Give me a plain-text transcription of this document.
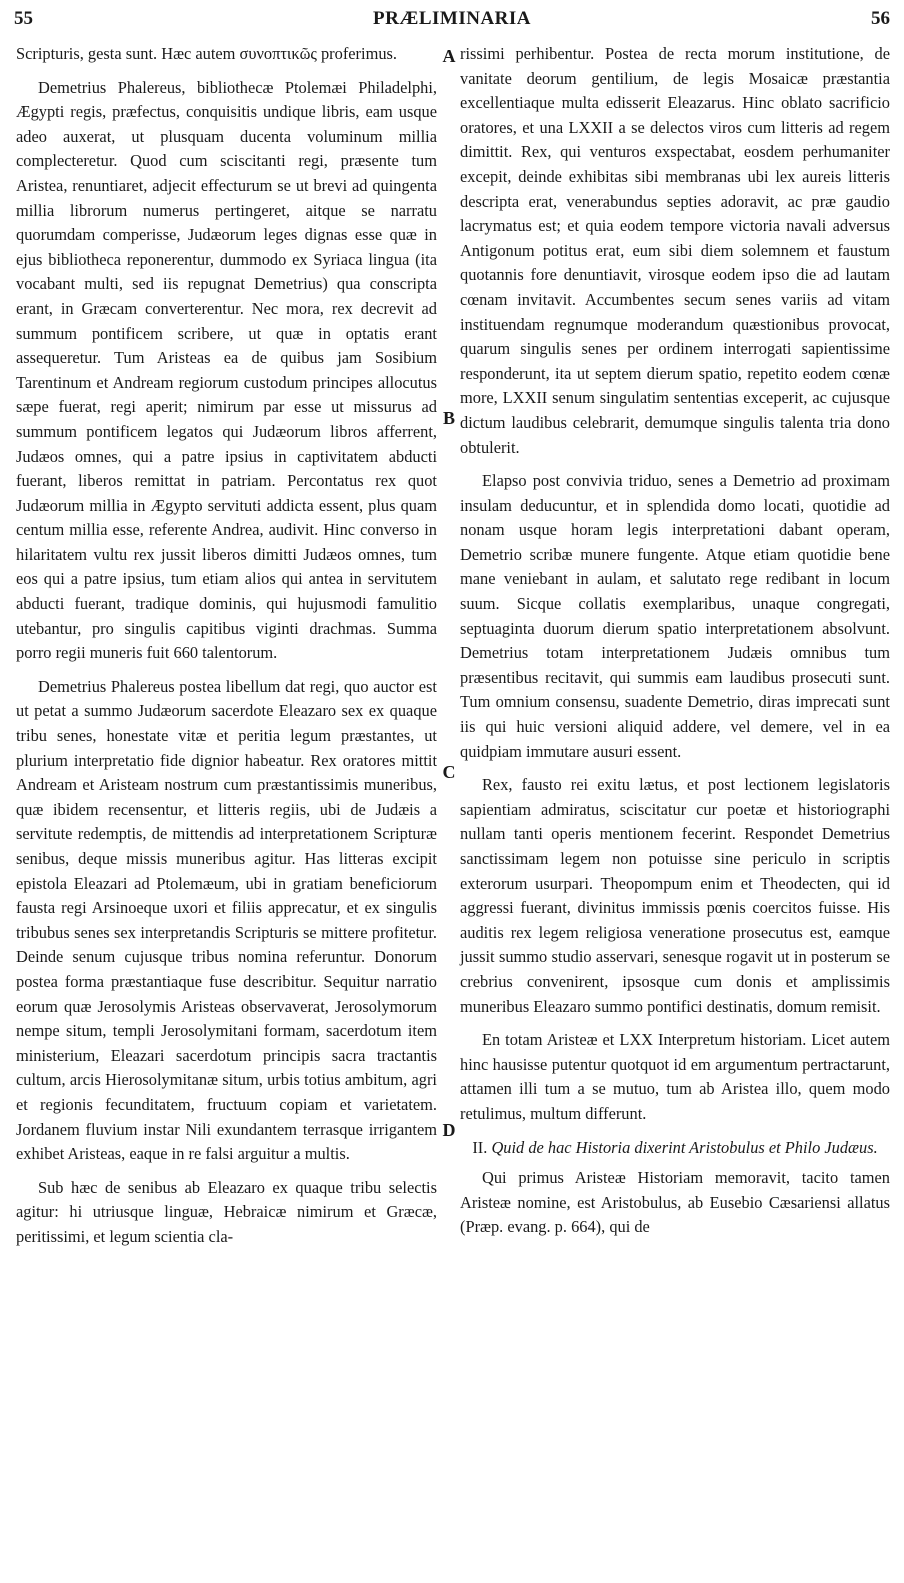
55	PRÆLIMINARIA	56

Scripturis, gesta sunt. Hæc autem συνοπτικῶς proferimus.

Demetrius Phalereus, bibliothecæ Ptolemæi Philadelphi, Ægypti regis, præfectus, conquisitis undique libris, eam usque adeo auxerat, ut plusquam ducenta voluminum millia complecteretur. Quod cum sciscitanti regi, præsente tum Aristea, renuntiaret, adjecit effecturum se ut brevi ad quingenta millia librorum numerus pertingeret, aitque se narratu quorumdam comperisse, Judæorum leges dignas esse quæ in ejus bibliotheca reponerentur, dummodo ex Syriaca lingua (ita vocabant multi, sed iis repugnat Demetrius) qua conscripta erant, in Græcam converterentur. Nec mora, rex decrevit ad summum pontificem scribere, ut quæ in optatis erant assequeretur. Tum Aristeas ea de quibus jam Sosibium Tarentinum et Andream regiorum custodum principes allocutus sæpe fuerat, regi aperit; nimirum par esse ut missurus ad summum pontificem legatos qui Judæorum libros afferrent, Judæos omnes, qui a patre ipsius in captivitatem abducti fuerant, liberos remittat in patriam. Percontatus rex quot Judæorum millia in Ægypto servituti addicta essent, plus quam centum millia esse, referente Andrea, audivit. Hinc converso in hilaritatem vultu rex jussit liberos dimitti Judæos omnes, tum eos qui a patre ipsius, tum etiam alios qui antea in servitutem abducti fuerant, tradique dominis, qui hujusmodi famulitio utebantur, pro singulis capitibus viginti drachmas. Summa porro regii muneris fuit 660 talentorum.

Demetrius Phalereus postea libellum dat regi, quo auctor est ut petat a summo Judæorum sacerdote Eleazaro sex ex quaque tribu senes, honestate vitæ et peritia legum præstantes, ut plurium interpretatio fide dignior habeatur. Rex oratores mittit Andream et Aristeam nostrum cum præstantissimis muneribus, quæ ibidem recensentur, et litteris regiis, ubi de Judæis a servitute redemptis, de mittendis ad interpretationem Scripturæ senibus, deque missis muneribus agitur. Has litteras excipit epistola Eleazari ad Ptolemæum, ubi in gratiam beneficiorum fausta regi Arsinoeque uxori et filiis apprecatur, et ex singulis tribubus senes sex interpretandis Scripturis se mittere profitetur. Deinde senum cujusque tribus nomina referuntur. Donorum postea forma præstantiaque fuse describitur. Sequitur narratio eorum quæ Jerosolymis Aristeas observaverat, Jerosolymorum nempe situm, templi Jerosolymitani formam, sacerdotum item ministerium, Eleazari sacerdotum principis sacra tractantis cultum, arcis Hierosolymitanæ situm, urbis totius ambitum, agri et regionis fecunditatem, fructuum copiam et varietatem. Jordanem fluvium instar Nili exundantem terrasque irrigantem exhibet Aristeas, eaque in re falsi arguitur a multis.

Sub hæc de senibus ab Eleazaro ex quaque tribu selectis agitur: hi utriusque linguæ, Hebraicæ nimirum et Græcæ, peritissimi, et legum scientia cla-

A
B
C
D

rissimi perhibentur. Postea de recta morum institutione, de vanitate deorum gentilium, de legis Mosaicæ præstantia excellentiaque multa edisserit Eleazarus. Hinc oblato sacrificio oratores, et una LXXII a se delectos viros cum litteris ad regem dimittit. Rex, qui venturos exspectabat, eosdem perhumaniter excepit, deinde exhibitas sibi membranas ubi lex aureis litteris descripta erat, venerabundus septies adoravit, ac præ gaudio lacrymatus est; et quia eodem tempore victoria navali adversus Antigonum potitus erat, eum sibi diem solemnem et faustum quotannis fore denuntiavit, virosque eodem ipso die ad lautam cœnam invitavit. Accumbentes secum senes variis ad vitam instituendam regnumque moderandum quæstionibus provocat, quarum singulis senes per ordinem interrogati sapientissime responderunt, ita ut septem dierum spatio, repetito eodem cœnæ more, LXXII senum singulatim sententias exceperit, ac cujusque dictum laudibus celebrarit, demumque singulis talenta tria dono obtulerit.

Elapso post convivia triduo, senes a Demetrio ad proximam insulam deducuntur, et in splendida domo locati, quotidie ad nonam usque horam legis interpretationi dabant operam, Demetrio scribæ munere fungente. Atque etiam quotidie bene mane veniebant in aulam, et salutato rege redibant in locum suum. Sicque collatis exemplaribus, unaque congregati, septuaginta duorum dierum spatio interpretationem absolvunt. Demetrius totam interpretationem Judæis omnibus tum præsentibus recitavit, qui summis eam laudibus prosecuti sunt. Tum omnium consensu, suadente Demetrio, diras imprecati sunt iis qui huic versioni aliquid addere, vel demere, vel in ea quidpiam immutare ausuri essent.

Rex, fausto rei exitu lætus, et post lectionem legislatoris sapientiam admiratus, sciscitatur cur poetæ et historiographi nullam tanti operis mentionem fecerint. Respondet Demetrius sanctissimam legem non potuisse sine periculo in scriptis exterorum usurpari. Theopompum enim et Theodecten, qui id aggressi fuerant, divinitus immissis pœnis coercitos fuisse. His auditis rex legem religiosa veneratione prosecutus est, eamque jussit summo studio asservari, senesque rogavit ut in posterum se crebrius convenirent, ipsosque cum donis et amplissimis muneribus Eleazaro summo pontifici destinatis, domum remisit.

En totam Aristeæ et LXX Interpretum historiam. Licet autem hinc hausisse putentur quotquot id em argumentum pertractarunt, attamen illi tum a se mutuo, tum ab Aristea illo, quem modo retulimus, multum differunt.

II. Quid de hac Historia dixerint Aristobulus et Philo Judæus.

Qui primus Aristeæ Historiam memoravit, tacito tamen Aristeæ nomine, est Aristobulus, ab Eusebio Cæsariensi allatus (Præp. evang. p. 664), qui de
